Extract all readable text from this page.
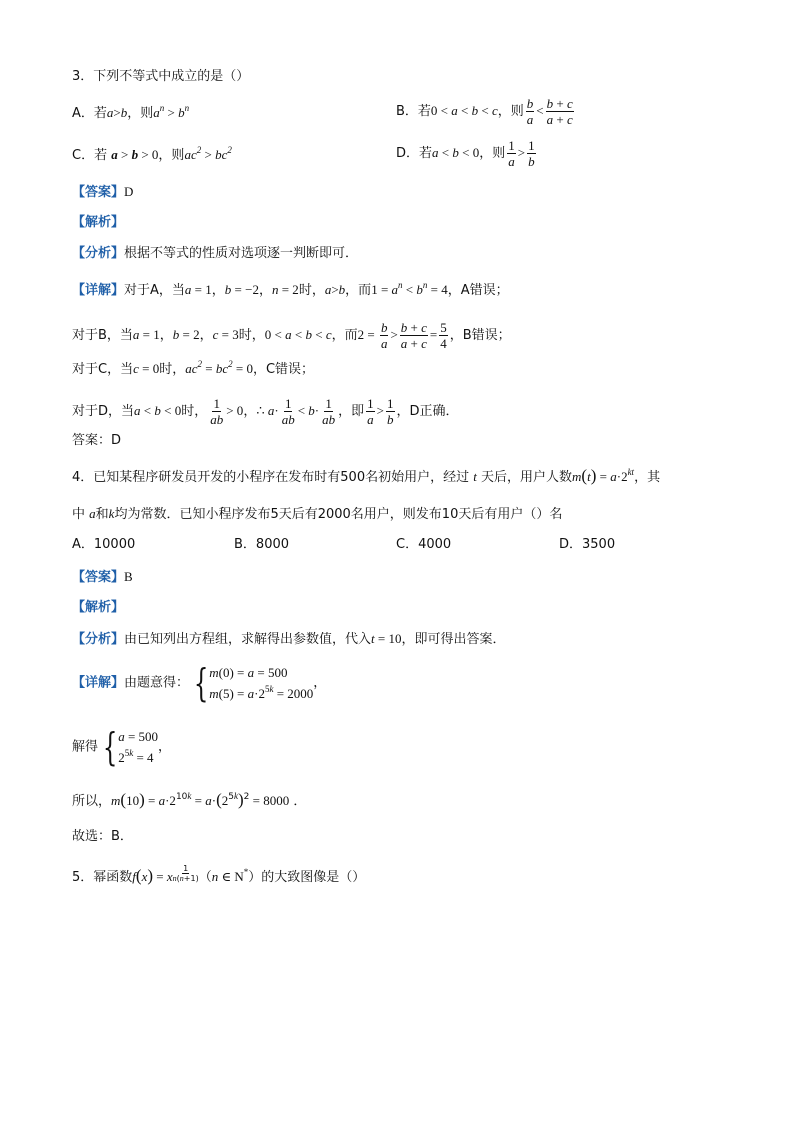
3．下列不等式中成立的是（）
A．若a>b，则$a^n > b^n$	B．若0 < a < b < c，则 $\frac{b}{a} < \frac{b + c}{a + c}$
C．若 a > b > 0，则$ac^2 > bc^2$	D．若a < b < 0，则 $\frac{1}{a} > \frac{1}{b}$
【答案】D
【解析】
【分析】根据不等式的性质对选项逐一判断即可．
【详解】对于A，当a = 1，b = −2，n = 2时，a>b，而$1 = a^n < b^n = 4$，A错误；
对于B，当a = 1，b = 2，c = 3时，0 < a < b < c，而$2 = \frac{b}{a} > \frac{b + c}{a + c} = \frac{5}{4}$ ，B错误；
对于C，当c = 0时，$ac^2 = bc^2 = 0$，C错误；
对于D，当a < b < 0时， $\frac{1}{ab} > 0$，∴ $a\cdot \frac{1}{ab} < b\cdot \frac{1}{ab}$ ，即 $\frac{1}{a} > \frac{1}{b}$ ，D正确．
答案：D
4．已知某程序研发员开发的小程序在发布时有500名初始用户，经过 t 天后，用户人数$m(t) = a\cdot 2^{kt}$，其
中 a和k均为常数．已知小程序发布5天后有2000名用户，则发布10天后有用户（）名
A．10000	B．8000	C．4000	D．3500
【答案】B
【解析】
【分析】由已知列出方程组，求解得出参数值，代入t = 10，即可得出答案．
【详解】由题意得： { m(0) = a = 500
$m(5) = a\cdot 2^{5k} = 2000$
，
解得 { a = 500
$2^{5k} = 4$
，
所以，$m(10) = a\cdot 2^{10k} = a\cdot(2^{5k})^2 = 8000$ ．
故选：B．
5．幂函数f(x) = x $^{\frac{1}{n(n+1)}}$ （n ∈ N*）的大致图像是（）
